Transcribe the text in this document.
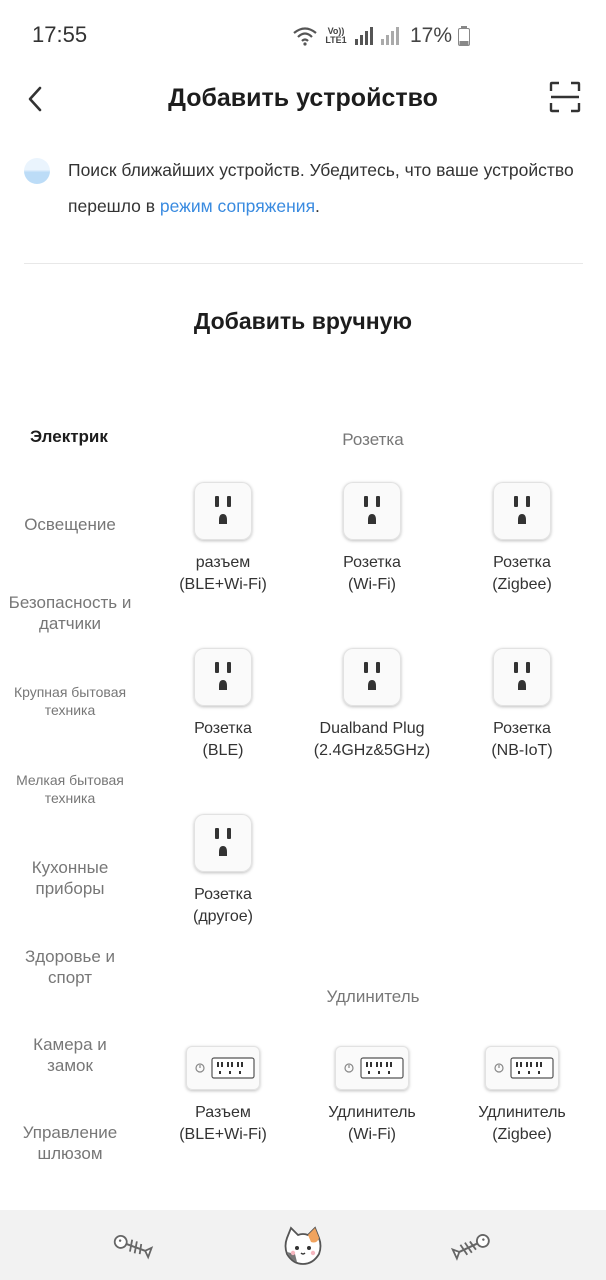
17:55	Vo)) LTE1	17%
Добавить устройство
Поиск ближайших устройств. Убедитесь, что ваше устройство перешло в режим сопряжения.
Добавить вручную
Электрик
Освещение
Безопасность и датчики
Крупная бытовая техника
Мелкая бытовая техника
Кухонные приборы
Здоровье и спорт
Камера и замок
Управление шлюзом
Розетка
разъем
(BLE+Wi-Fi)
Розетка
(Wi-Fi)
Розетка
(Zigbee)
Розетка
(BLE)
Dualband Plug
(2.4GHz&5GHz)
Розетка
(NB-IoT)
Розетка
(другое)
Удлинитель
Разъем
(BLE+Wi-Fi)
Удлинитель
(Wi-Fi)
Удлинитель
(Zigbee)
